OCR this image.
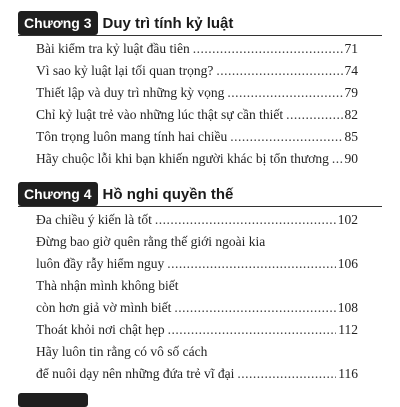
Chương 3 Duy trì tính kỷ luật
Bài kiểm tra kỷ luật đầu tiên .....	71
Vì sao kỷ luật lại tối quan trọng? .....	74
Thiết lập và duy trì những kỳ vọng .....	79
Chỉ kỷ luật trẻ vào những lúc thật sự cần thiết .....	82
Tôn trọng luôn mang tính hai chiều .....	85
Hãy chuộc lỗi khi bạn khiến người khác bị tổn thương ..... 90
Chương 4 Hồ nghi quyền thế
Đa chiều ý kiến là tốt .....	102
Đừng bao giờ quên rằng thế giới ngoài kia
luôn đầy rẫy hiểm nguy .....	106
Thà nhận mình không biết
còn hơn giả vờ mình biết .....	108
Thoát khỏi nơi chật hẹp .....	112
Hãy luôn tin rằng có vô số cách
để nuôi dạy nên những đứa trẻ vĩ đại .....	116
